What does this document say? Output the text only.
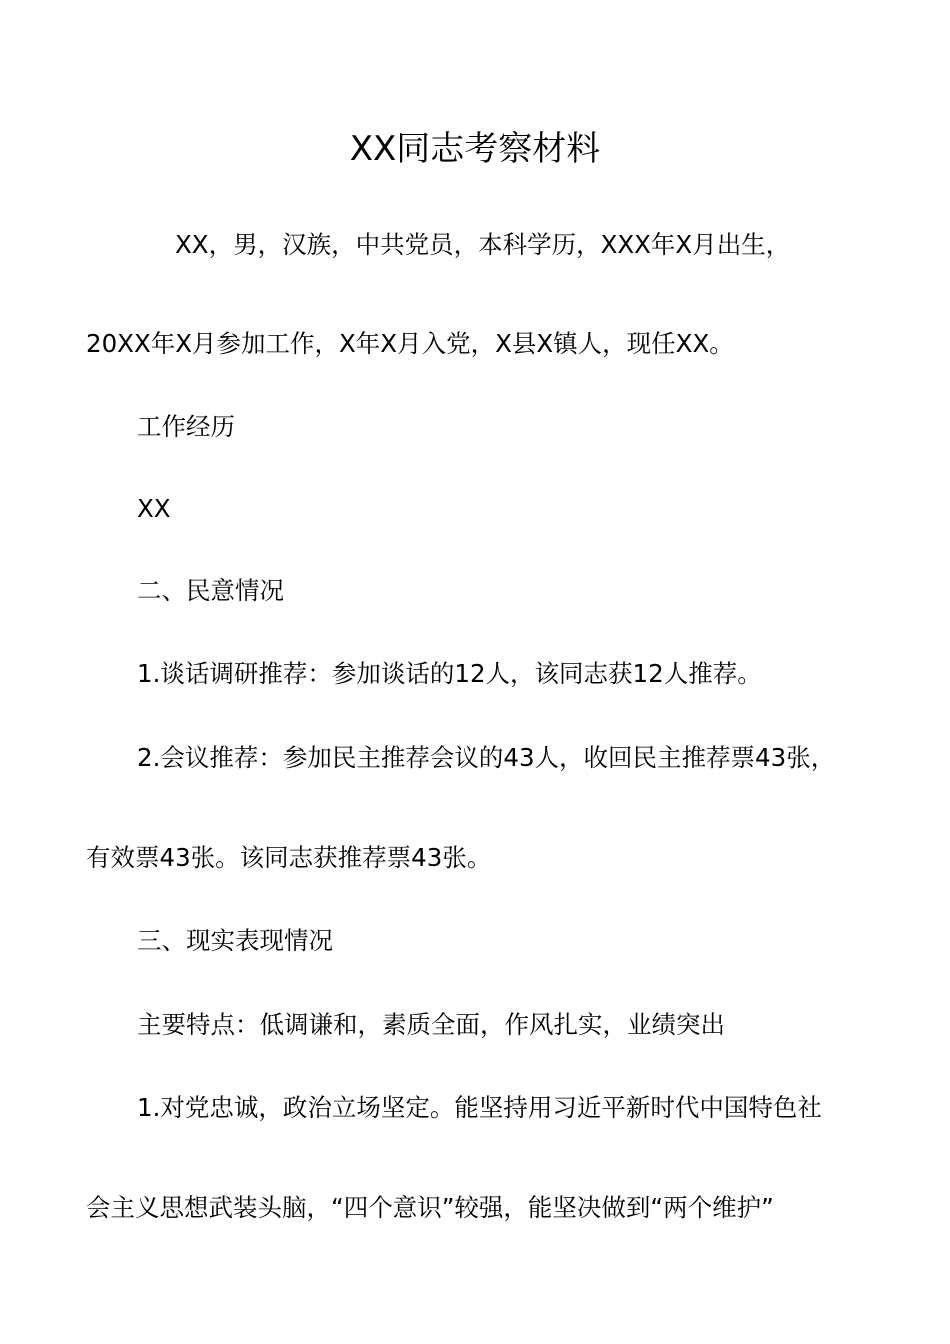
XX同志考察材料
XX，男，汉族，中共党员，本科学历，XXX年X月出生，
20XX年X月参加工作，X年X月入党，X县X镇人，现任XX。
工作经历
XX
二、民意情况
1.谈话调研推荐：参加谈话的12人，该同志获12人推荐。
2.会议推荐：参加民主推荐会议的43人，收回民主推荐票43张，
有效票43张。该同志获推荐票43张。
三、现实表现情况
主要特点：低调谦和，素质全面，作风扎实，业绩突出
1.对党忠诚，政治立场坚定。能坚持用习近平新时代中国特色社
会主义思想武装头脑，“四个意识”较强，能坚决做到“两个维护”
